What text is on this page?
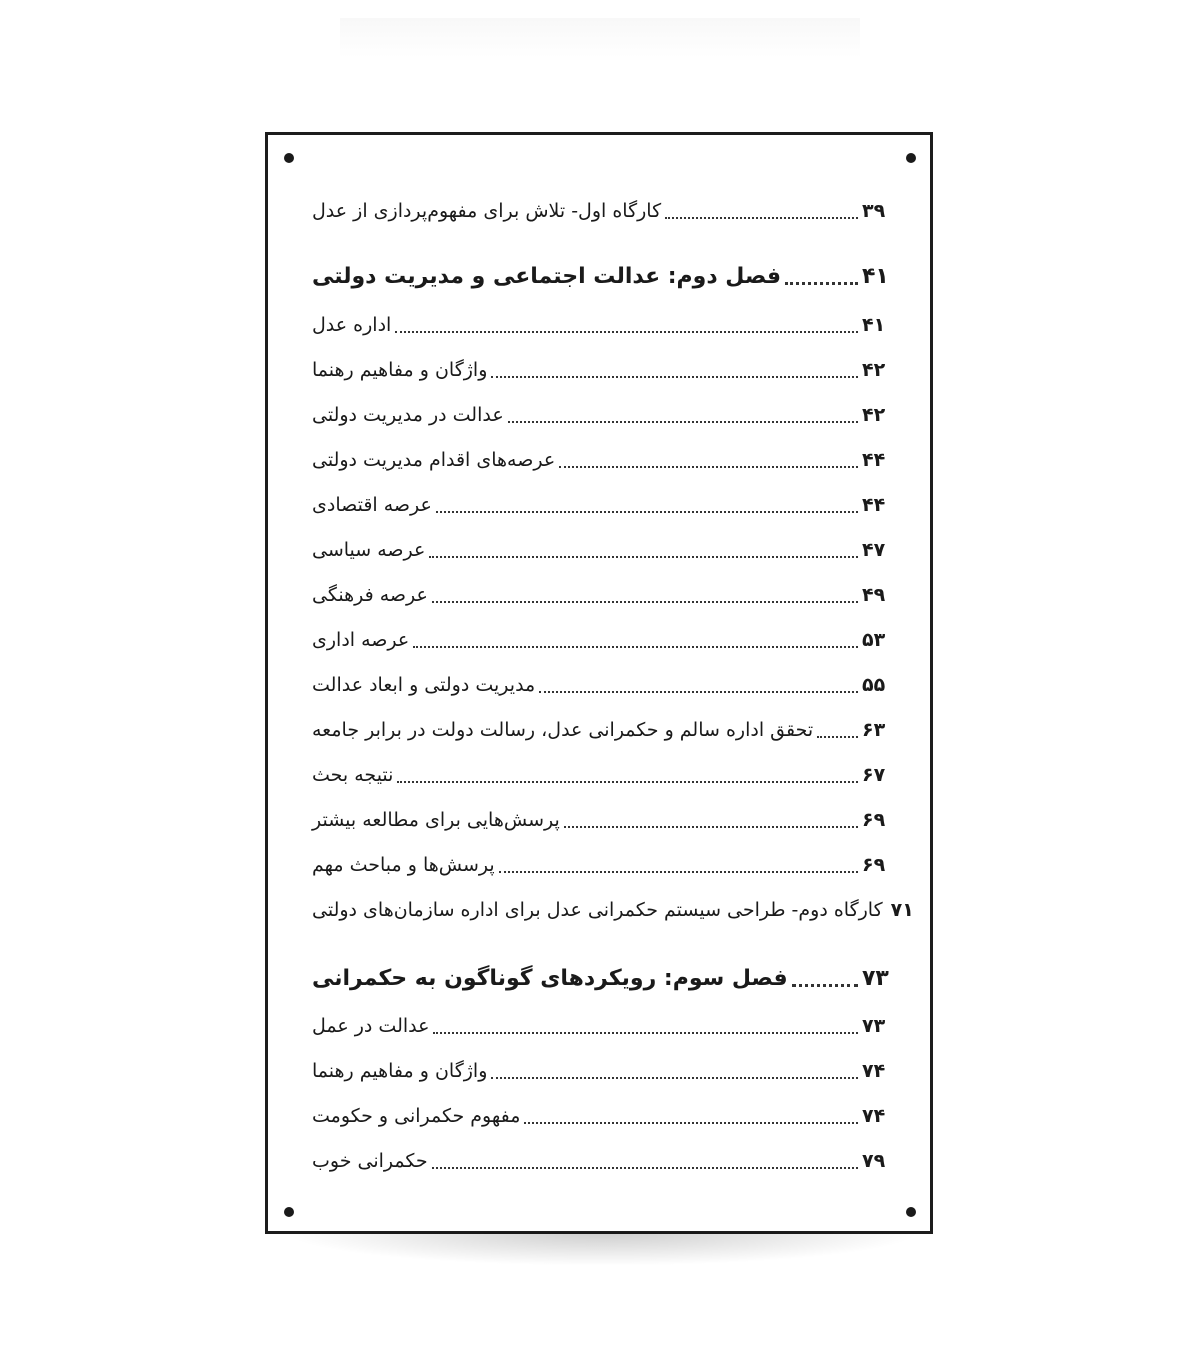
کارگاه اول- تلاش برای مفهوم‌پردازی از عدل	۳۹
فصل دوم: عدالت اجتماعی و مدیریت دولتی	۴۱
اداره عدل	۴۱
واژگان و مفاهیم رهنما	۴۲
عدالت در مدیریت دولتی	۴۲
عرصه‌های اقدام مدیریت دولتی	۴۴
عرصه اقتصادی	۴۴
عرصه سیاسی	۴۷
عرصه فرهنگی	۴۹
عرصه اداری	۵۳
مدیریت دولتی و ابعاد عدالت	۵۵
تحقق اداره سالم و حکمرانی عدل، رسالت دولت در برابر جامعه	۶۳
نتیجه بحث	۶۷
پرسش‌هایی برای مطالعه بیشتر	۶۹
پرسش‌ها و مباحث مهم	۶۹
کارگاه دوم- طراحی سیستم حکمرانی عدل برای اداره سازمان‌های دولتی ۷۱
فصل سوم: رویکردهای گوناگون به حکمرانی	۷۳
عدالت در عمل	۷۳
واژگان و مفاهیم رهنما	۷۴
مفهوم حکمرانی و حکومت	۷۴
حکمرانی خوب	۷۹
